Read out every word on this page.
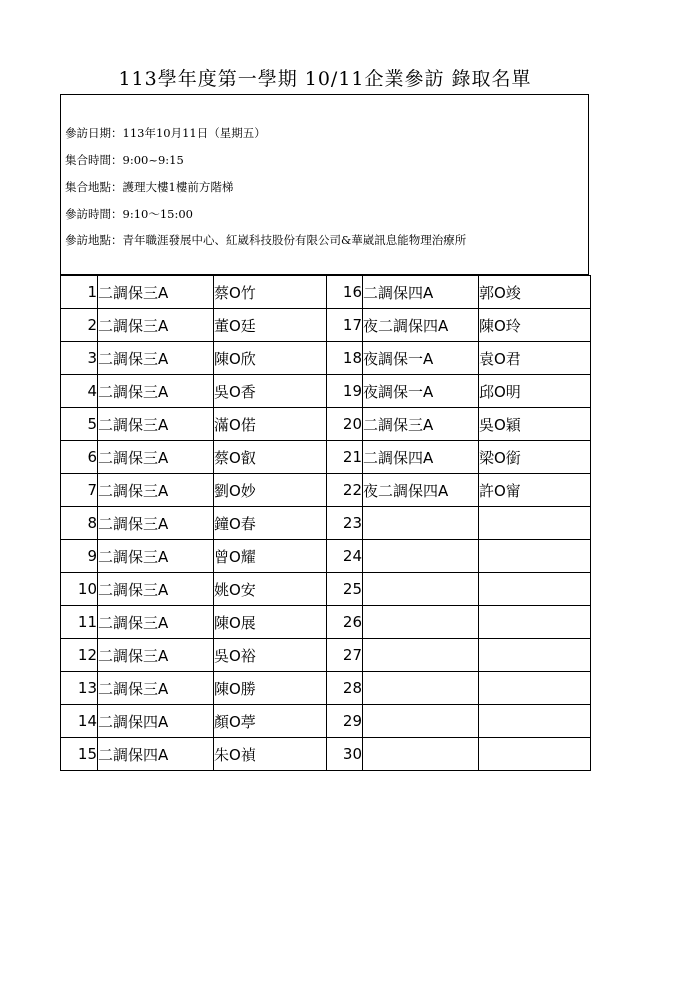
113學年度第一學期 10/11企業參訪 錄取名單
參訪日期：113年10月11日（星期五）
集合時間：9:00~9:15
集合地點：護理大樓1樓前方階梯
參訪時間：9:10～15:00
參訪地點：青年職涯發展中心、紅崴科技股份有限公司&華崴訊息能物理治療所
1	二調保三A	蔡O竹	16	二調保四A	郭O竣
2	二調保三A	董O廷	17	夜二調保四A	陳O玲
3	二調保三A	陳O欣	18	夜調保一A	袁O君
4	二調保三A	吳O香	19	夜調保一A	邱O明
5	二調保三A	滿O偌	20	二調保三A	吳O穎
6	二調保三A	蔡O叡	21	二調保四A	梁O銜
7	二調保三A	劉O妙	22	夜二調保四A	許O甯
8	二調保三A	鐘O春	23		
9	二調保三A	曾O耀	24		
10	二調保三A	姚O安	25		
11	二調保三A	陳O展	26		
12	二調保三A	吳O裕	27		
13	二調保三A	陳O勝	28		
14	二調保四A	顏O葶	29		
15	二調保四A	朱O禎	30		
